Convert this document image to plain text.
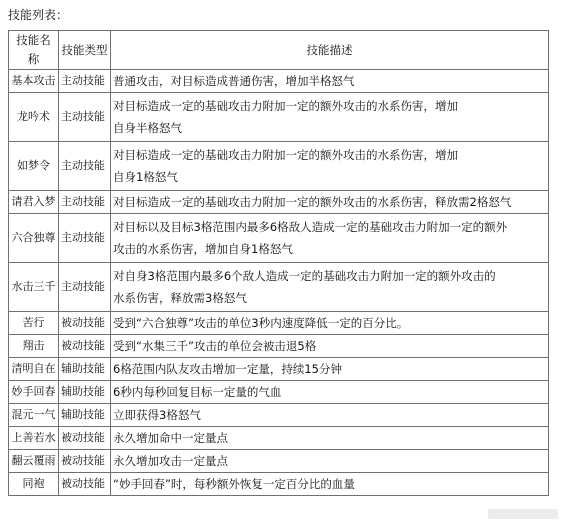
技能列表：
技能名称	技能类型	技能描述
基本攻击	主动技能	普通攻击，对目标造成普通伤害，增加半格怒气

龙吟术	主动技能	对目标造成一定的基础攻击力附加一定的额外攻击的水系伤害，增加
自身半格怒气

如梦令	主动技能	对目标造成一定的基础攻击力附加一定的额外攻击的水系伤害，增加
自身1格怒气

请君入梦	主动技能	对目标造成一定的基础攻击力附加一定的额外攻击的水系伤害，释放需2格怒气

六合独尊	主动技能	对目标以及目标3格范围内最多6格敌人造成一定的基础攻击力附加一定的额外
攻击的水系伤害，增加自身1格怒气

水击三千	主动技能	对自身3格范围内最多6个敌人造成一定的基础攻击力附加一定的额外攻击的
水系伤害，释放需3格怒气

苦行	被动技能	受到“六合独尊”攻击的单位3秒内速度降低一定的百分比。

翔击	被动技能	受到“水集三千”攻击的单位会被击退5格

清明自在	辅助技能	6格范围内队友攻击增加一定量，持续15分钟

妙手回春	辅助技能	6秒内每秒回复目标一定量的气血

混元一气	辅助技能	立即获得3格怒气

上善若水	被动技能	永久增加命中一定量点

翻云覆雨	被动技能	永久增加攻击一定量点

同袍	被动技能	“妙手回春”时，每秒额外恢复一定百分比的血量
